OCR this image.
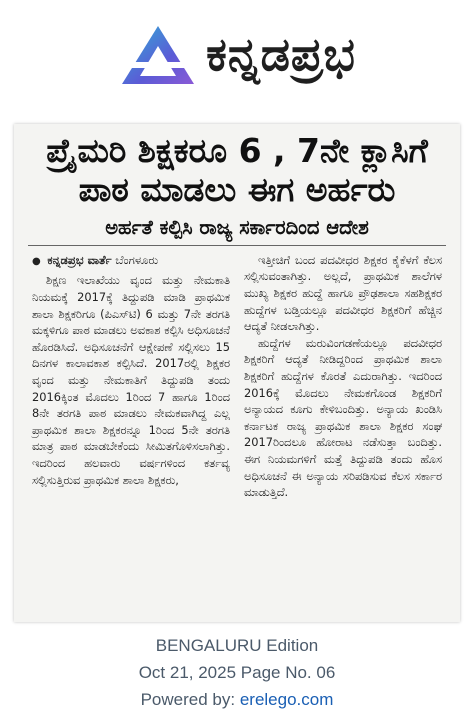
ಕನ್ನಡಪ್ರಭ
ಪ್ರೈಮರಿ ಶಿಕ್ಷಕರೂ 6 , 7ನೇ ಕ್ಲಾಸಿಗೆ
ಪಾಠ ಮಾಡಲು ಈಗ ಅರ್ಹರು
ಅರ್ಹತೆ ಕಲ್ಪಿಸಿ ರಾಜ್ಯ ಸರ್ಕಾರದಿಂದ ಆದೇಶ
● ಕನ್ನಡಪ್ರಭ ವಾರ್ತೆ ಬೆಂಗಳೂರು

ಶಿಕ್ಷಣ ಇಲಾಖೆಯು ವೃಂದ ಮತ್ತು ನೇಮಕಾತಿ ನಿಯಮಕ್ಕೆ 2017ಕ್ಕೆ ತಿದ್ದುಪಡಿ ಮಾಡಿ ಪ್ರಾಥಮಿಕ ಶಾಲಾ ಶಿಕ್ಷಕರಿಗೂ (ಪಿಎಸ್‌ಟಿ) 6 ಮತ್ತು 7ನೇ ತರಗತಿ ಮಕ್ಕಳಿಗೂ ಪಾಠ ಮಾಡಲು ಅವಕಾಶ ಕಲ್ಪಿಸಿ ಅಧಿಸೂಚನೆ ಹೊರಡಿಸಿದೆ. ಅಧಿಸೂಚನೆಗೆ ಆಕ್ಷೇಪಣೆ ಸಲ್ಲಿಸಲು 15 ದಿನಗಳ ಕಾಲಾವಕಾಶ ಕಲ್ಪಿಸಿದೆ. 2017ರಲ್ಲಿ ಶಿಕ್ಷಕರ ವೃಂದ ಮತ್ತು ನೇಮಕಾತಿಗೆ ತಿದ್ದುಪಡಿ ತಂದು 2016ಕ್ಕಿಂತ ಮೊದಲು 1ರಿಂದ 7 ಹಾಗೂ 1ರಿಂದ 8ನೇ ತರಗತಿ ಪಾಠ ಮಾಡಲು ನೇಮಕವಾಗಿದ್ದ ಎಲ್ಲ ಪ್ರಾಥಮಿಕ ಶಾಲಾ ಶಿಕ್ಷಕರನ್ನೂ 1ರಿಂದ 5ನೇ ತರಗತಿ ಮಾತ್ರ ಪಾಠ ಮಾಡಬೇಕೆಂದು ಸೀಮಿತಗೊಳಿಸಲಾಗಿತ್ತು. ಇದರಿಂದ ಹಲವಾರು ವರ್ಷಗಳಿಂದ ಕರ್ತವ್ಯ ಸಲ್ಲಿಸುತ್ತಿರುವ ಪ್ರಾಥಮಿಕ ಶಾಲಾ ಶಿಕ್ಷಕರು,

ಇತ್ತೀಚಿಗೆ ಬಂದ ಪದವೀಧರ ಶಿಕ್ಷಕರ ಕೈಕೆಳಗೆ ಕೆಲಸ ಸಲ್ಲಿಸುವಂತಾಗಿತ್ತು. ಅಲ್ಲದೆ, ಪ್ರಾಥಮಿಕ ಶಾಲೆಗಳ ಮುಖ್ಯ ಶಿಕ್ಷಕರ ಹುದ್ದೆ ಹಾಗೂ ಪ್ರೌಢಶಾಲಾ ಸಹಶಿಕ್ಷಕರ ಹುದ್ದೆಗಳ ಬಡ್ತಿಯಲ್ಲೂ ಪದವೀಧರ ಶಿಕ್ಷಕರಿಗೆ ಹೆಚ್ಚಿನ ಆದ್ಯತೆ ನೀಡಲಾಗಿತ್ತು.

ಹುದ್ದೆಗಳ ಮರುವಿಂಗಡಣೆಯಲ್ಲೂ ಪದವೀಧರ ಶಿಕ್ಷಕರಿಗೆ ಆದ್ಯತೆ ನೀಡಿದ್ದರಿಂದ ಪ್ರಾಥಮಿಕ ಶಾಲಾ ಶಿಕ್ಷಕರಿಗೆ ಹುದ್ದೆಗಳ ಕೊರತೆ ಎದುರಾಗಿತ್ತು. ಇದರಿಂದ 2016ಕ್ಕೆ ಮೊದಲು ನೇಮಕಗೊಂಡ ಶಿಕ್ಷಕರಿಗೆ ಅನ್ಯಾಯದ ಕೂಗು ಕೇಳಿಬಂದಿತ್ತು. ಅನ್ಯಾಯ ಖಂಡಿಸಿ ಕರ್ನಾಟಕ ರಾಜ್ಯ ಪ್ರಾಥಮಿಕ ಶಾಲಾ ಶಿಕ್ಷಕರ ಸಂಘ 2017ರಿಂದಲೂ ಹೋರಾಟ ನಡೆಸುತ್ತಾ ಬಂದಿತ್ತು. ಈಗ ನಿಯಮಗಳಿಗೆ ಮತ್ತೆ ತಿದ್ದುಪಡಿ ತಂದು ಹೊಸ ಅಧಿಸೂಚನೆ ಈ ಅನ್ಯಾಯ ಸರಿಪಡಿಸುವ ಕೆಲಸ ಸರ್ಕಾರ ಮಾಡುತ್ತಿದೆ.

BENGALURU Edition
Oct 21, 2025 Page No. 06
Powered by: erelego.com
